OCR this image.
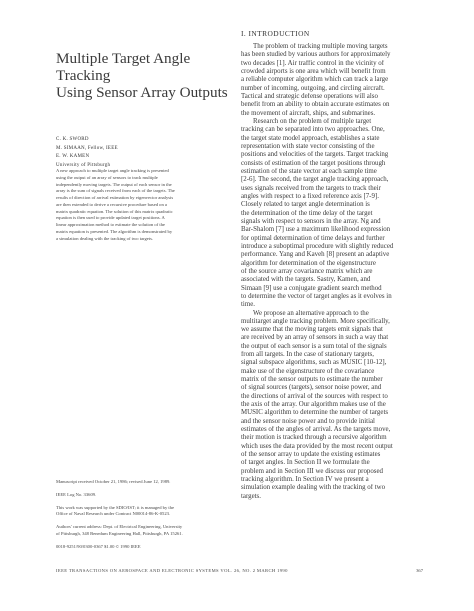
Multiple Target Angle Tracking
Using Sensor Array Outputs
C. K. SWORD
M. SIMAAN, Fellow, IEEE
E. W. KAMEN
University of Pittsburgh
A new approach to multiple target angle tracking is presented
using the output of an array of sensors to track multiple
independently moving targets. The output of each sensor in the
array is the sum of signals received from each of the targets. The
results of direction of arrival estimation by eigenvector analysis
are then extended to derive a recursive procedure based on a
matrix quadratic equation. The solution of this matrix quadratic
equation is then used to provide updated target positions. A
linear approximation method to estimate the solution of the
matrix equation is presented. The algorithm is demonstrated by
a simulation dealing with the tracking of two targets.
Manuscript received October 21, 1986; revised June 12, 1989.
IEEE Log No. 33609.
This work was supported by the SDIO/IST; it is managed by the
Office of Naval Research under Contract N00014-86-K-0523.
Authors' current address: Dept. of Electrical Engineering, University
of Pittsburgh, 348 Benedum Engineering Hall, Pittsburgh, PA 15261.
0018-9251/90/0300-0367 $1.00 © 1990 IEEE
I. INTRODUCTION
The problem of tracking multiple moving targets
has been studied by various authors for approximately
two decades [1]. Air traffic control in the vicinity of
crowded airports is one area which will benefit from
a reliable computer algorithm which can track a large
number of incoming, outgoing, and circling aircraft.
Tactical and strategic defense operations will also
benefit from an ability to obtain accurate estimates on
the movement of aircraft, ships, and submarines.
Research on the problem of multiple target
tracking can be separated into two approaches. One,
the target state model approach, establishes a state
representation with state vector consisting of the
positions and velocities of the targets. Target tracking
consists of estimation of the target positions through
estimation of the state vector at each sample time
[2-6]. The second, the target angle tracking approach,
uses signals received from the targets to track their
angles with respect to a fixed reference axis [7-9].
Closely related to target angle determination is
the determination of the time delay of the target
signals with respect to sensors in the array. Ng and
Bar-Shalom [7] use a maximum likelihood expression
for optimal determination of time delays and further
introduce a suboptimal procedure with slightly reduced
performance. Yang and Kaveh [8] present an adaptive
algorithm for determination of the eigenstructure
of the source array covariance matrix which are
associated with the targets. Sastry, Kamen, and
Simaan [9] use a conjugate gradient search method
to determine the vector of target angles as it evolves in
time.
We propose an alternative approach to the
multitarget angle tracking problem. More specifically,
we assume that the moving targets emit signals that
are received by an array of sensors in such a way that
the output of each sensor is a sum total of the signals
from all targets. In the case of stationary targets,
signal subspace algorithms, such as MUSIC [10-12],
make use of the eigenstructure of the covariance
matrix of the sensor outputs to estimate the number
of signal sources (targets), sensor noise power, and
the directions of arrival of the sources with respect to
the axis of the array. Our algorithm makes use of the
MUSIC algorithm to determine the number of targets
and the sensor noise power and to provide initial
estimates of the angles of arrival. As the targets move,
their motion is tracked through a recursive algorithm
which uses the data provided by the most recent output
of the sensor array to update the existing estimates
of target angles. In Section II we formulate the
problem and in Section III we discuss our proposed
tracking algorithm. In Section IV we present a
simulation example dealing with the tracking of two
targets.
IEEE TRANSACTIONS ON AEROSPACE AND ELECTRONIC SYSTEMS VOL. 26, NO. 2 MARCH 1990	367
